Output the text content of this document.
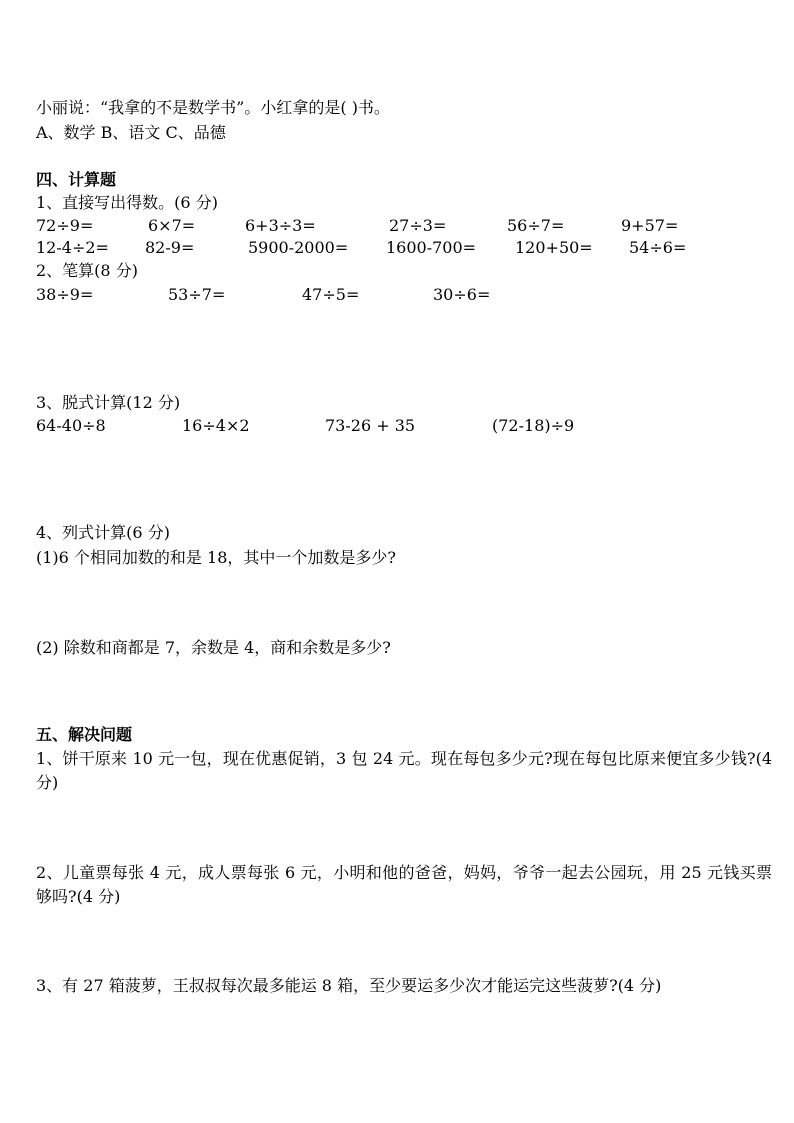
小丽说：“我拿的不是数学书”。小红拿的是( )书。
A、数学 B、语文 C、品德
四、计算题
1、直接写出得数。(6 分)
72÷9=	6×7=	6+3÷3=	27÷3=	56÷7=	9+57=
12-4÷2= 82-9=	5900-2000= 1600-700= 120+50= 54÷6=
2、笔算(8 分)
38÷9=	53÷7=	47÷5=	30÷6=
3、脱式计算(12 分)
64-40÷8	16÷4×2	73-26 + 35	(72-18)÷9
4、列式计算(6 分)
(1)6 个相同加数的和是 18，其中一个加数是多少?
(2) 除数和商都是 7，余数是 4，商和余数是多少?
五、解决问题
1、饼干原来 10 元一包，现在优惠促销，3 包 24 元。现在每包多少元?现在每包比原来便宜多少钱?(4 分)
2、儿童票每张 4 元，成人票每张 6 元，小明和他的爸爸，妈妈，爷爷一起去公园玩，用 25 元钱买票够吗?(4 分)
3、有 27 箱菠萝，王叔叔每次最多能运 8 箱，至少要运多少次才能运完这些菠萝?(4 分)
